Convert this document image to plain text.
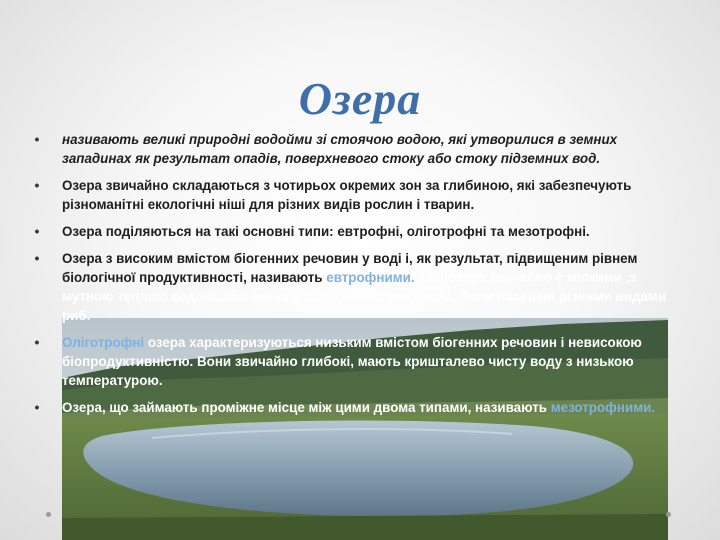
Озера
•	називають великі природні водойми зі стоячою водою, які утворилися в земних западинах як результат опадів, поверхневого стоку або стоку підземних вод.
•	Озера звичайно складаються з чотирьох окремих зон за глибиною, які забезпечують різноманітні екологічні ніші для різних видів рослин і тварин.
•	Озера поділяються на такі основні типи: евтрофні, оліготрофні та мезотрофні.
•	Озера з високим вмістом біогенних речовин у воді і, як результат, підвищеним рівнем біологічної продуктивності, називають евтрофними. Такі озера звичайно є мілкими ,з мутною теплою водою, збагаченою фіто- і зоопланктоном. Вони населені різними видами риб.
•	Оліготрофні озера характеризуються низьким вмістом біогенних речовин і невисокою біопродуктивністю. Вони звичайно глибокі, мають кришталево чисту воду з низькою температурою.
•	Озера, що займають проміжне місце між цими двома типами, називають мезотрофними.
